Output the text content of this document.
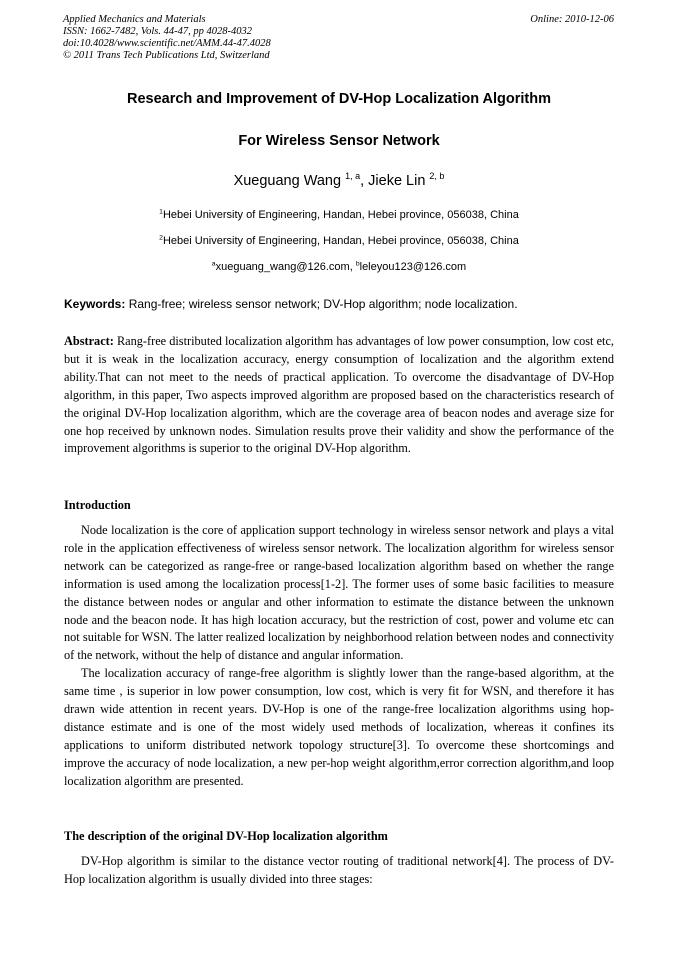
Applied Mechanics and Materials
ISSN: 1662-7482, Vols. 44-47, pp 4028-4032
doi:10.4028/www.scientific.net/AMM.44-47.4028
© 2011 Trans Tech Publications Ltd, Switzerland
Online: 2010-12-06
Research and Improvement of DV-Hop Localization Algorithm
For Wireless Sensor Network
Xueguang Wang $^{1, a}$, Jieke Lin $^{2, b}$
$^1$Hebei University of Engineering, Handan, Hebei province, 056038, China
$^2$Hebei University of Engineering, Handan, Hebei province, 056038, China
$^a$xueguang_wang@126.com, $^b$leleyou123@126.com
Keywords: Rang-free; wireless sensor network; DV-Hop algorithm; node localization.
Abstract: Rang-free distributed localization algorithm has advantages of low power consumption, low cost etc, but it is weak in the localization accuracy, energy consumption of localization and the algorithm extend ability.That can not meet to the needs of practical application. To overcome the disadvantage of DV-Hop algorithm, in this paper, Two aspects improved algorithm are proposed based on the characteristics research of the original DV-Hop localization algorithm, which are the coverage area of beacon nodes and average size for one hop received by unknown nodes. Simulation results prove their validity and show the performance of the improvement algorithms is superior to the original DV-Hop algorithm.
Introduction

Node localization is the core of application support technology in wireless sensor network and plays a vital role in the application effectiveness of wireless sensor network. The localization algorithm for wireless sensor network can be categorized as range-free or range-based localization algorithm based on whether the range information is used among the localization process[1-2]. The former uses of some basic facilities to measure the distance between nodes or angular and other information to estimate the distance between the unknown node and the beacon node. It has high location accuracy, but the restriction of cost, power and volume etc can not suitable for WSN. The latter realized localization by neighborhood relation between nodes and connectivity of the network, without the help of distance and angular information.

The localization accuracy of range-free algorithm is slightly lower than the range-based algorithm, at the same time , is superior in low power consumption, low cost, which is very fit for WSN, and therefore it has drawn wide attention in recent years. DV-Hop is one of the range-free localization algorithms using hop-distance estimate and is one of the most widely used methods of localization, whereas it confines its applications to uniform distributed network topology structure[3]. To overcome these shortcomings and improve the accuracy of node localization, a new per-hop weight algorithm,error correction algorithm,and loop localization algorithm are presented.

The description of the original DV-Hop localization algorithm

DV-Hop algorithm is similar to the distance vector routing of traditional network[4]. The process of DV-Hop localization algorithm is usually divided into three stages:
